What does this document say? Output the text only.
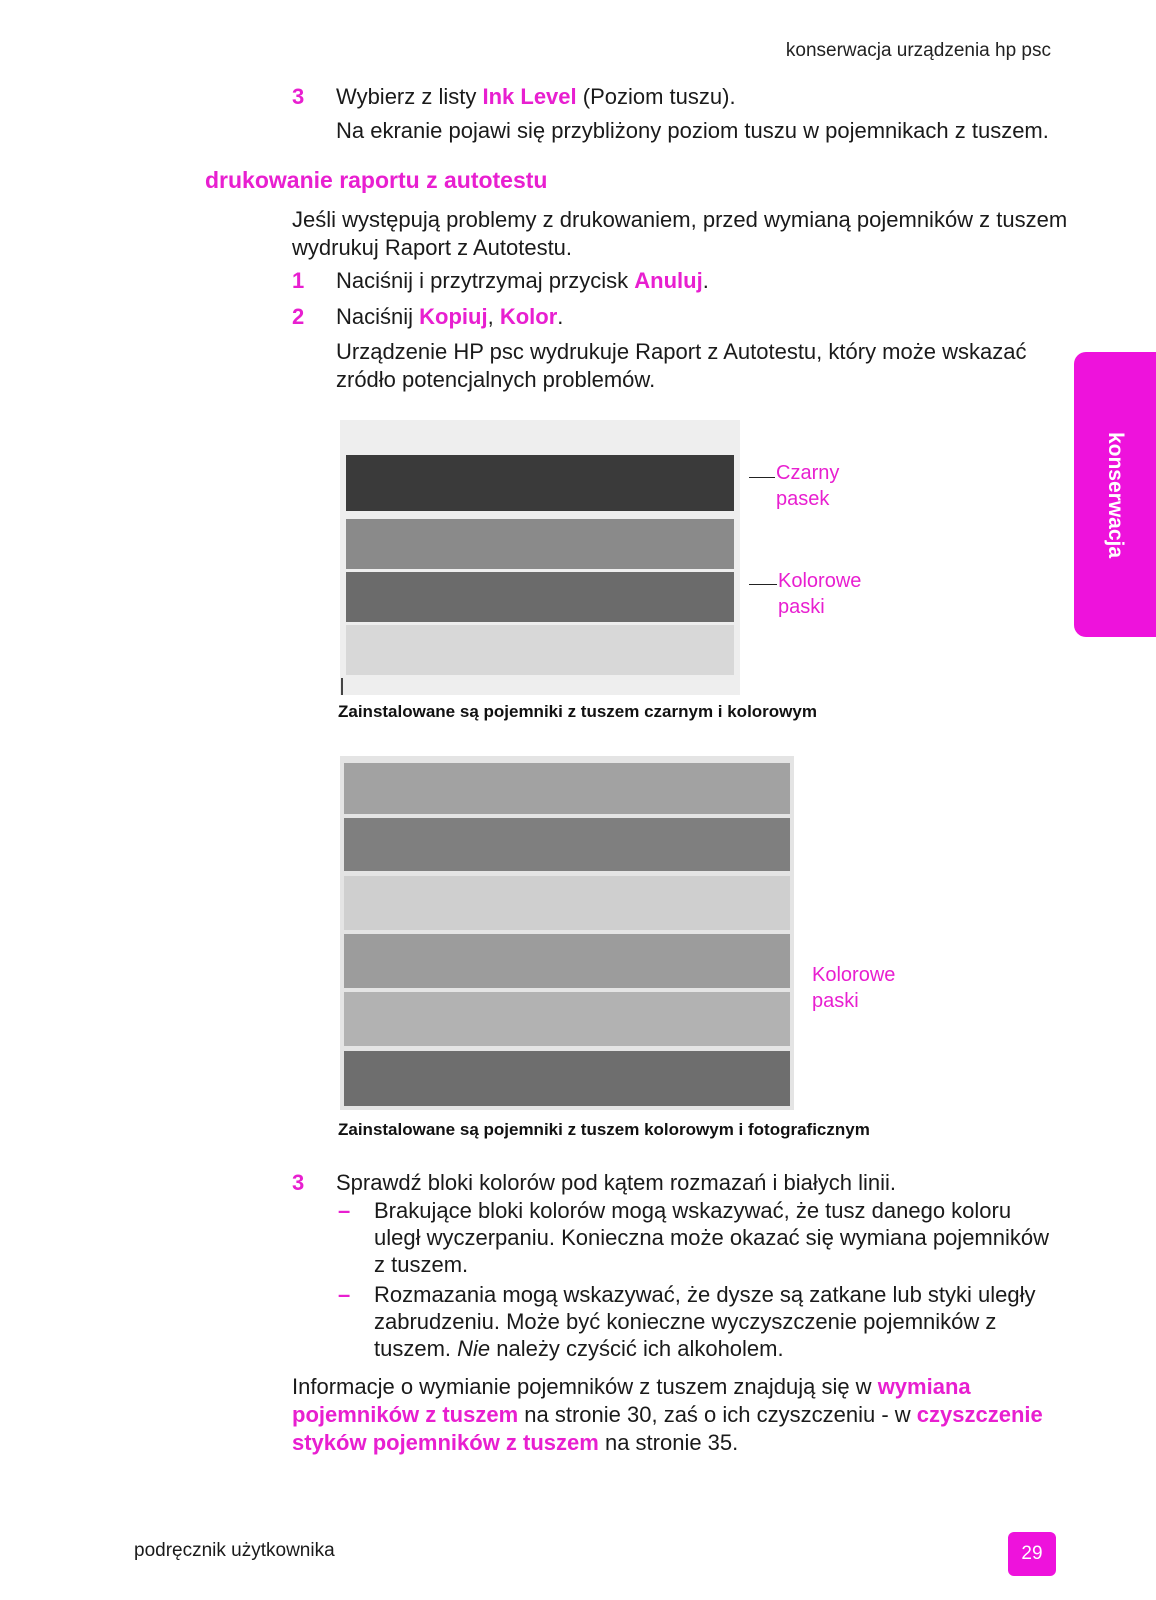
konserwacja urządzenia hp psc
3 Wybierz z listy Ink Level (Poziom tuszu).
Na ekranie pojawi się przybliżony poziom tuszu w pojemnikach z tuszem.
drukowanie raportu z autotestu
Jeśli występują problemy z drukowaniem, przed wymianą pojemników z tuszem
wydrukuj Raport z Autotestu.
1 Naciśnij i przytrzymaj przycisk Anuluj.
2 Naciśnij Kopiuj, Kolor.
Urządzenie HP psc wydrukuje Raport z Autotestu, który może wskazać
zródło potencjalnych problemów.
Czarny
pasek
Kolorowe
paski
Zainstalowane są pojemniki z tuszem czarnym i kolorowym
Kolorowe
paski
Zainstalowane są pojemniki z tuszem kolorowym i fotograficznym
3 Sprawdź bloki kolorów pod kątem rozmazań i białych linii.
– Brakujące bloki kolorów mogą wskazywać, że tusz danego koloru
uległ wyczerpaniu. Konieczna może okazać się wymiana pojemników
z tuszem.
– Rozmazania mogą wskazywać, że dysze są zatkane lub styki uległy
zabrudzeniu. Może być konieczne wyczyszczenie pojemników z
tuszem. Nie należy czyścić ich alkoholem.
Informacje o wymianie pojemników z tuszem znajdują się w wymiana
pojemników z tuszem na stronie 30, zaś o ich czyszczeniu - w czyszczenie
styków pojemników z tuszem na stronie 35.
konserwacja
podręcznik użytkownika	29
